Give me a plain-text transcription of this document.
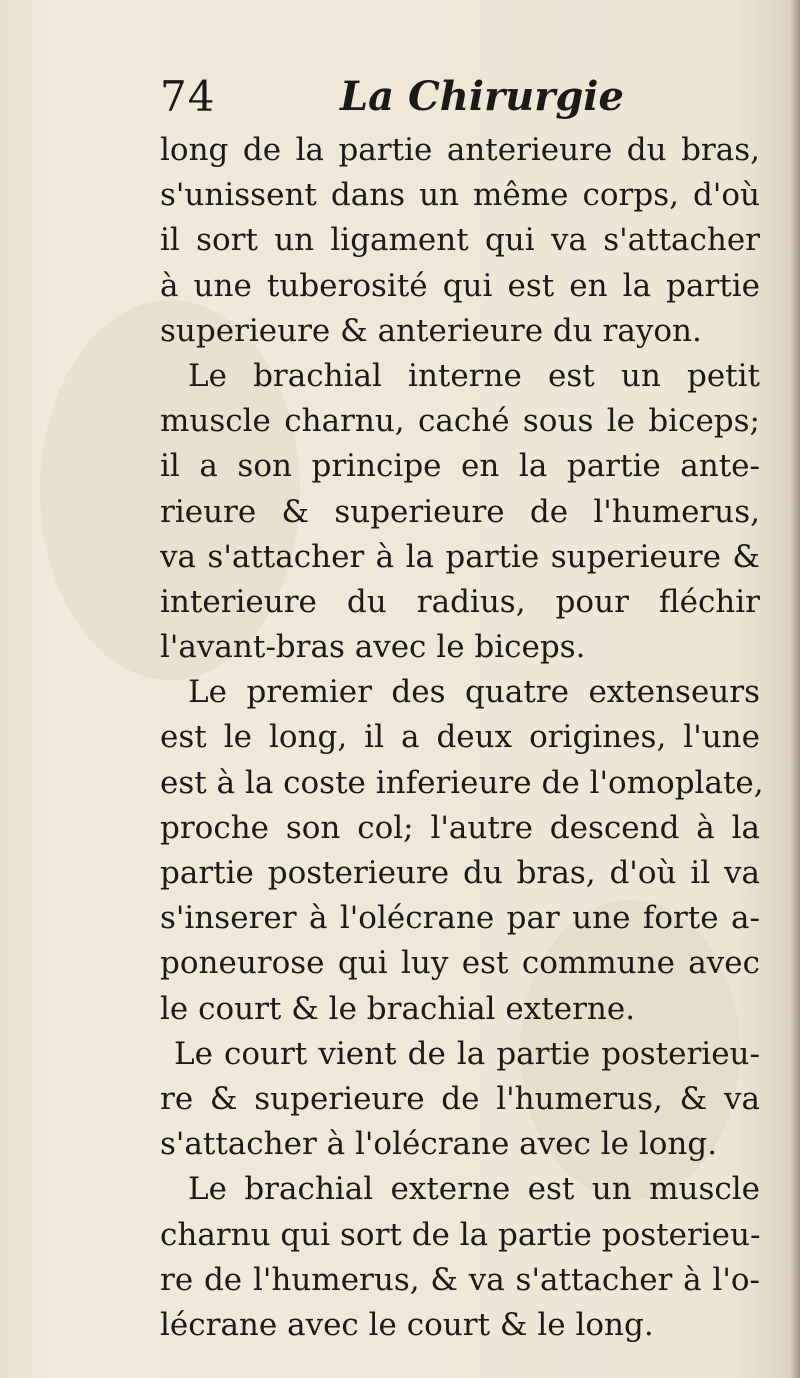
74	La Chirurgie
long de la partie anterieure du bras,
s'unissent dans un même corps, d'où
il sort un ligament qui va s'attacher
à une tuberosité qui est en la partie
superieure & anterieure du rayon.
Le brachial interne est un petit
muscle charnu, caché sous le biceps;
il a son principe en la partie ante-
rieure & superieure de l'humerus,
va s'attacher à la partie superieure &
interieure du radius, pour fléchir
l'avant-bras avec le biceps.
Le premier des quatre extenseurs
est le long, il a deux origines, l'une
est à la coste inferieure de l'omoplate,
proche son col; l'autre descend à la
partie posterieure du bras, d'où il va
s'inserer à l'olécrane par une forte a-
poneurose qui luy est commune avec
le court & le brachial externe.
Le court vient de la partie posterieu-
re & superieure de l'humerus, & va
s'attacher à l'olécrane avec le long.
Le brachial externe est un muscle
charnu qui sort de la partie posterieu-
re de l'humerus, & va s'attacher à l'o-
lécrane avec le court & le long.
